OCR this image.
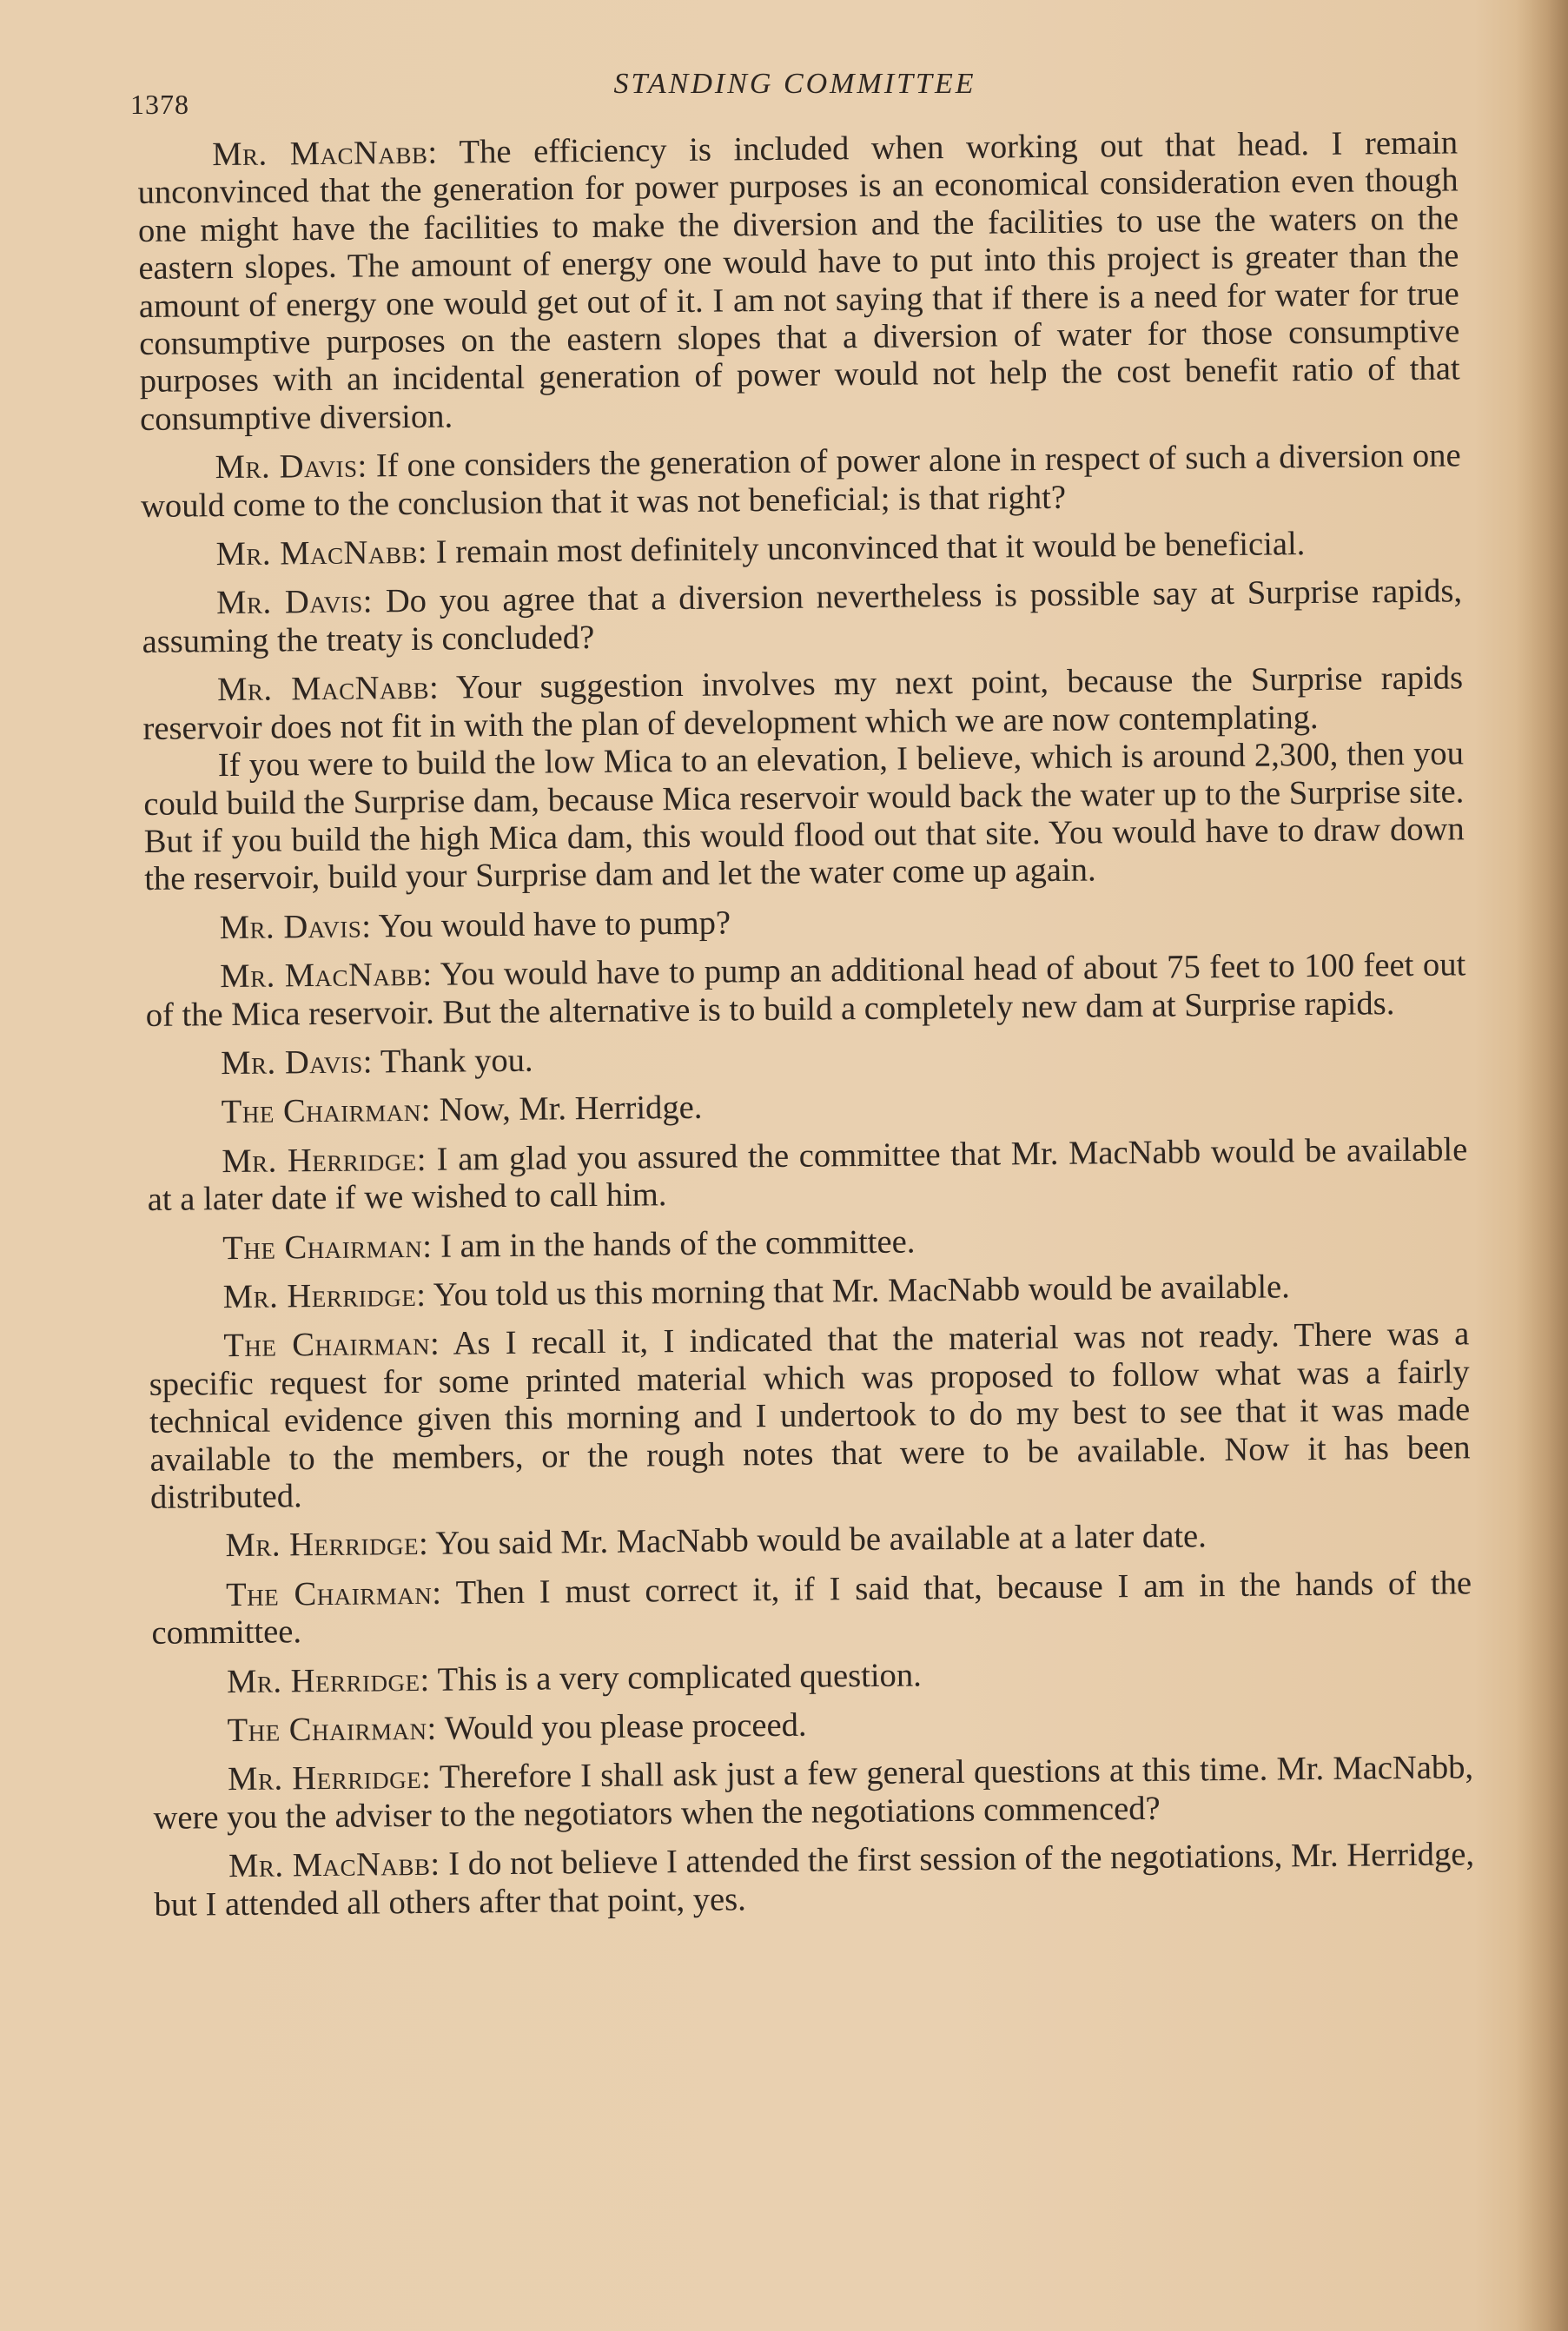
1378
STANDING COMMITTEE

Mr. MacNabb: The efficiency is included when working out that head. I remain unconvinced that the generation for power purposes is an economical consideration even though one might have the facilities to make the diversion and the facilities to use the waters on the eastern slopes. The amount of energy one would have to put into this project is greater than the amount of energy one would get out of it. I am not saying that if there is a need for water for true consumptive purposes on the eastern slopes that a diversion of water for those consumptive purposes with an incidental generation of power would not help the cost benefit ratio of that consumptive diversion.

Mr. Davis: If one considers the generation of power alone in respect of such a diversion one would come to the conclusion that it was not beneficial; is that right?

Mr. MacNabb: I remain most definitely unconvinced that it would be beneficial.

Mr. Davis: Do you agree that a diversion nevertheless is possible say at Surprise rapids, assuming the treaty is concluded?

Mr. MacNabb: Your suggestion involves my next point, because the Surprise rapids reservoir does not fit in with the plan of development which we are now contemplating.

If you were to build the low Mica to an elevation, I believe, which is around 2,300, then you could build the Surprise dam, because Mica reservoir would back the water up to the Surprise site. But if you build the high Mica dam, this would flood out that site. You would have to draw down the reservoir, build your Surprise dam and let the water come up again.

Mr. Davis: You would have to pump?

Mr. MacNabb: You would have to pump an additional head of about 75 feet to 100 feet out of the Mica reservoir. But the alternative is to build a completely new dam at Surprise rapids.

Mr. Davis: Thank you.

The Chairman: Now, Mr. Herridge.

Mr. Herridge: I am glad you assured the committee that Mr. MacNabb would be available at a later date if we wished to call him.

The Chairman: I am in the hands of the committee.

Mr. Herridge: You told us this morning that Mr. MacNabb would be available.

The Chairman: As I recall it, I indicated that the material was not ready. There was a specific request for some printed material which was proposed to follow what was a fairly technical evidence given this morning and I undertook to do my best to see that it was made available to the members, or the rough notes that were to be available. Now it has been distributed.

Mr. Herridge: You said Mr. MacNabb would be available at a later date.

The Chairman: Then I must correct it, if I said that, because I am in the hands of the committee.

Mr. Herridge: This is a very complicated question.

The Chairman: Would you please proceed.

Mr. Herridge: Therefore I shall ask just a few general questions at this time. Mr. MacNabb, were you the adviser to the negotiators when the negotiations commenced?

Mr. MacNabb: I do not believe I attended the first session of the negotiations, Mr. Herridge, but I attended all others after that point, yes.
